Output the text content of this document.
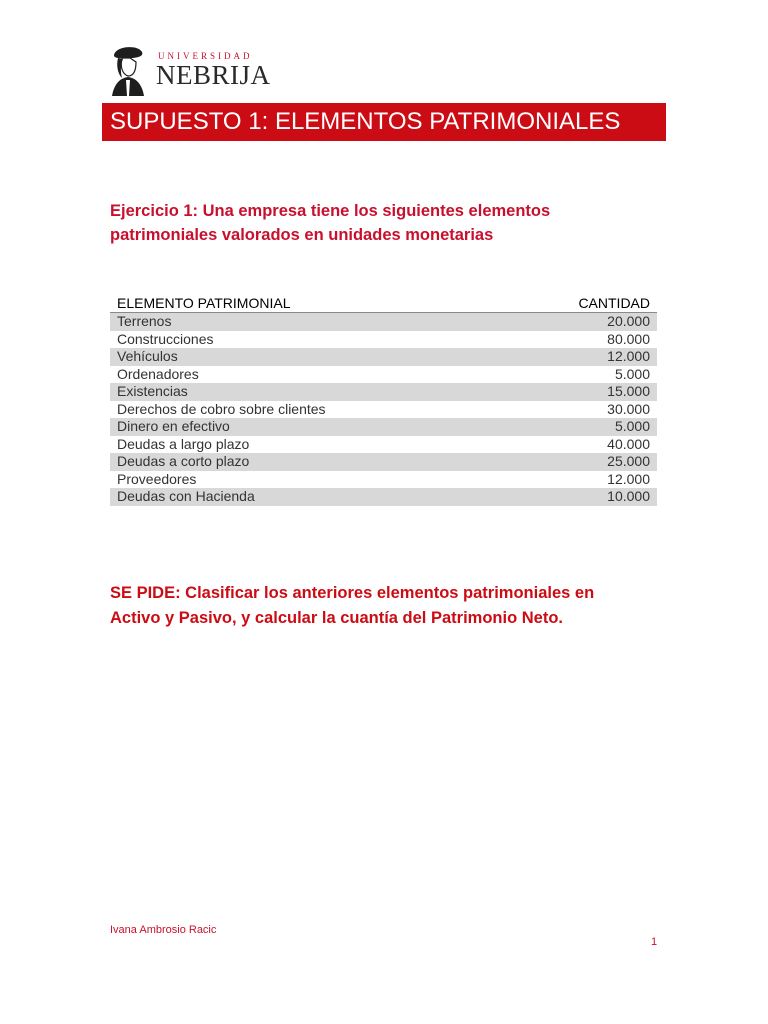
UNIVERSIDAD
NEBRIJA
SUPUESTO 1: ELEMENTOS PATRIMONIALES
Ejercicio 1: Una empresa tiene los siguientes elementos patrimoniales valorados en unidades monetarias
ELEMENTO PATRIMONIAL	CANTIDAD
Terrenos	20.000
Construcciones	80.000
Vehículos	12.000
Ordenadores	5.000
Existencias	15.000
Derechos de cobro sobre clientes	30.000
Dinero en efectivo	5.000
Deudas a largo plazo	40.000
Deudas a corto plazo	25.000
Proveedores	12.000
Deudas con Hacienda	10.000
SE PIDE: Clasificar los anteriores elementos patrimoniales en Activo y Pasivo, y calcular la cuantía del Patrimonio Neto.
Ivana Ambrosio Racic
1
